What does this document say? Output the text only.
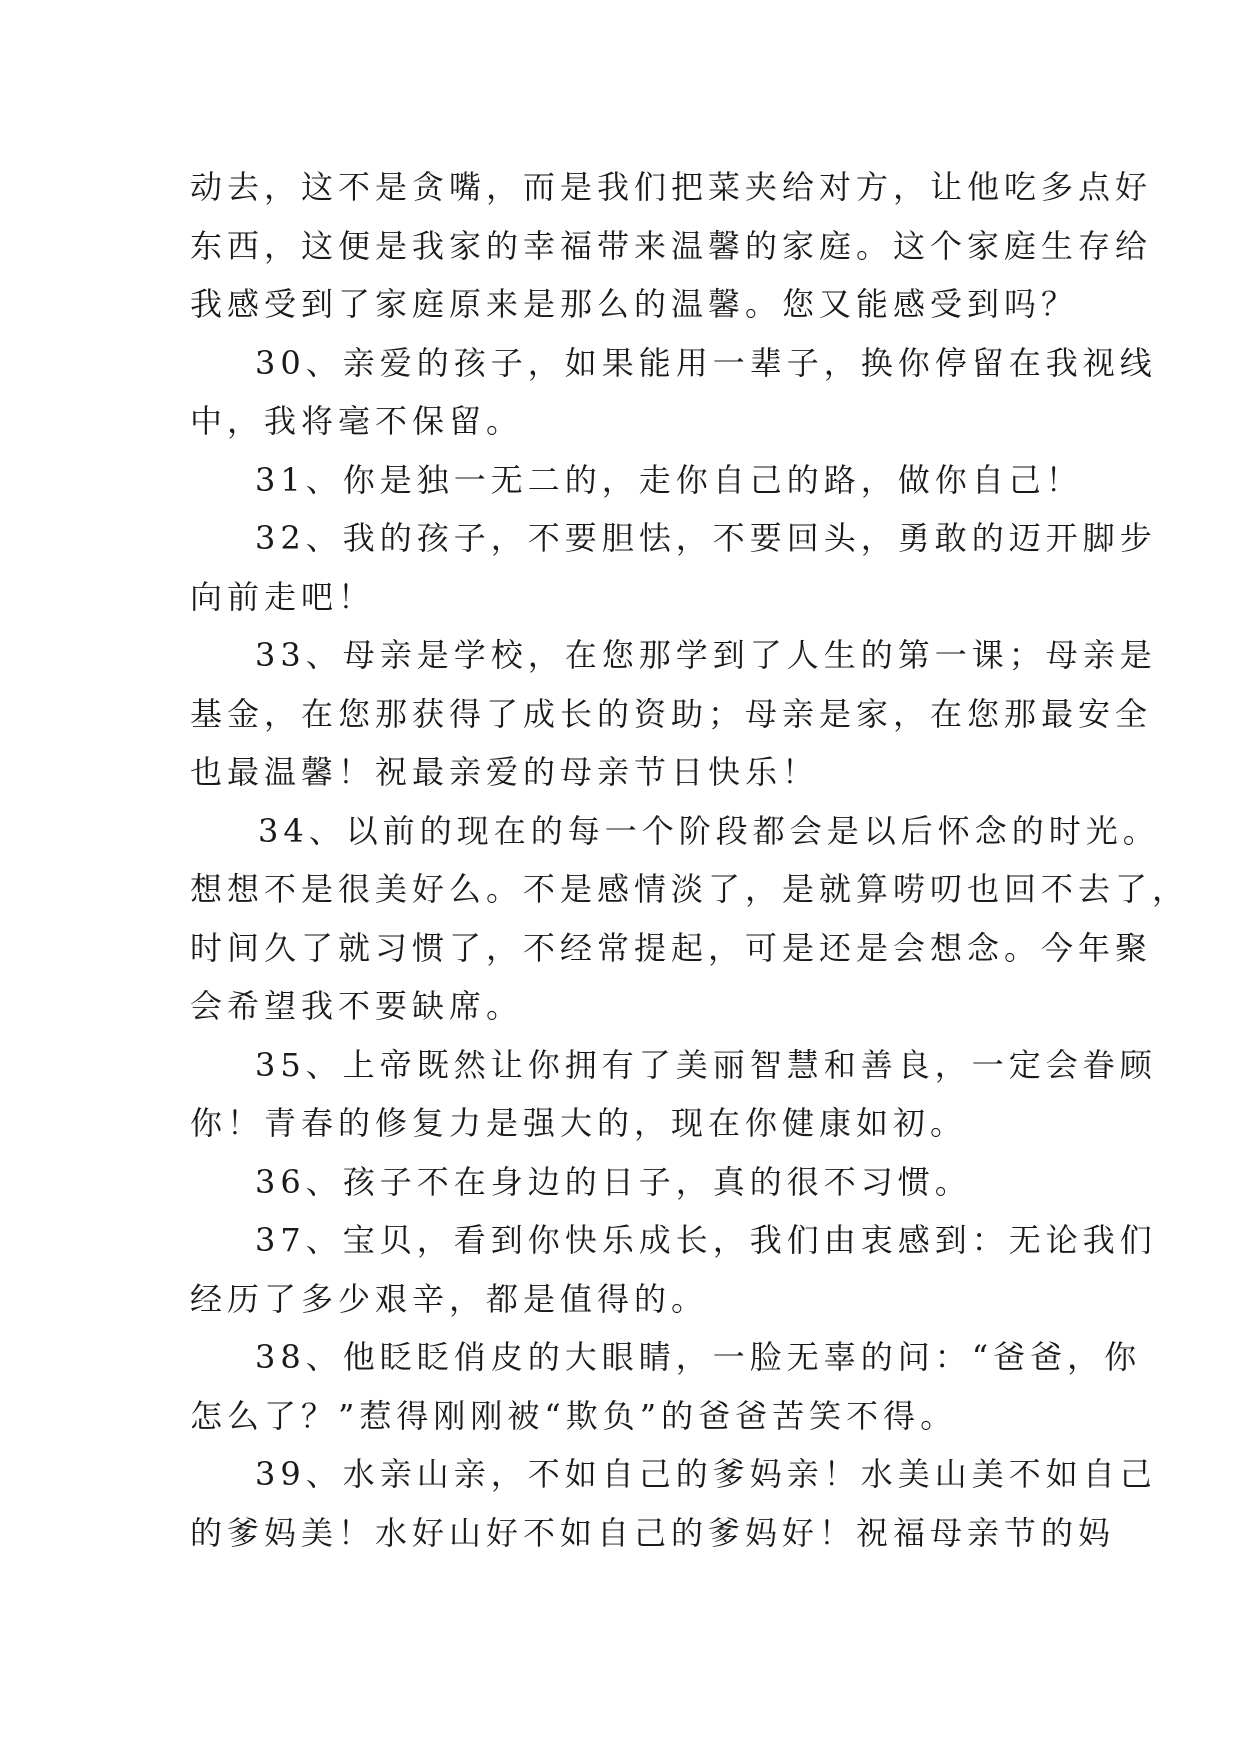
动去，这不是贪嘴，而是我们把菜夹给对方，让他吃多点好
东西，这便是我家的幸福带来温馨的家庭。这个家庭生存给
我感受到了家庭原来是那么的温馨。您又能感受到吗？
30、亲爱的孩子，如果能用一辈子，换你停留在我视线
中，我将毫不保留。
31、你是独一无二的，走你自己的路，做你自己！
32、我的孩子，不要胆怯，不要回头，勇敢的迈开脚步
向前走吧！
33、母亲是学校，在您那学到了人生的第一课；母亲是
基金，在您那获得了成长的资助；母亲是家，在您那最安全
也最温馨！祝最亲爱的母亲节日快乐！
34、以前的现在的每一个阶段都会是以后怀念的时光。
想想不是很美好么。不是感情淡了，是就算唠叨也回不去了，
时间久了就习惯了，不经常提起，可是还是会想念。今年聚
会希望我不要缺席。
35、上帝既然让你拥有了美丽智慧和善良，一定会眷顾
你！青春的修复力是强大的，现在你健康如初。
36、孩子不在身边的日子，真的很不习惯。
37、宝贝，看到你快乐成长，我们由衷感到：无论我们
经历了多少艰辛，都是值得的。
38、他眨眨俏皮的大眼睛，一脸无辜的问：“爸爸，你
怎么了？”惹得刚刚被“欺负”的爸爸苦笑不得。
39、水亲山亲，不如自己的爹妈亲！水美山美不如自己
的爹妈美！水好山好不如自己的爹妈好！祝福母亲节的妈
